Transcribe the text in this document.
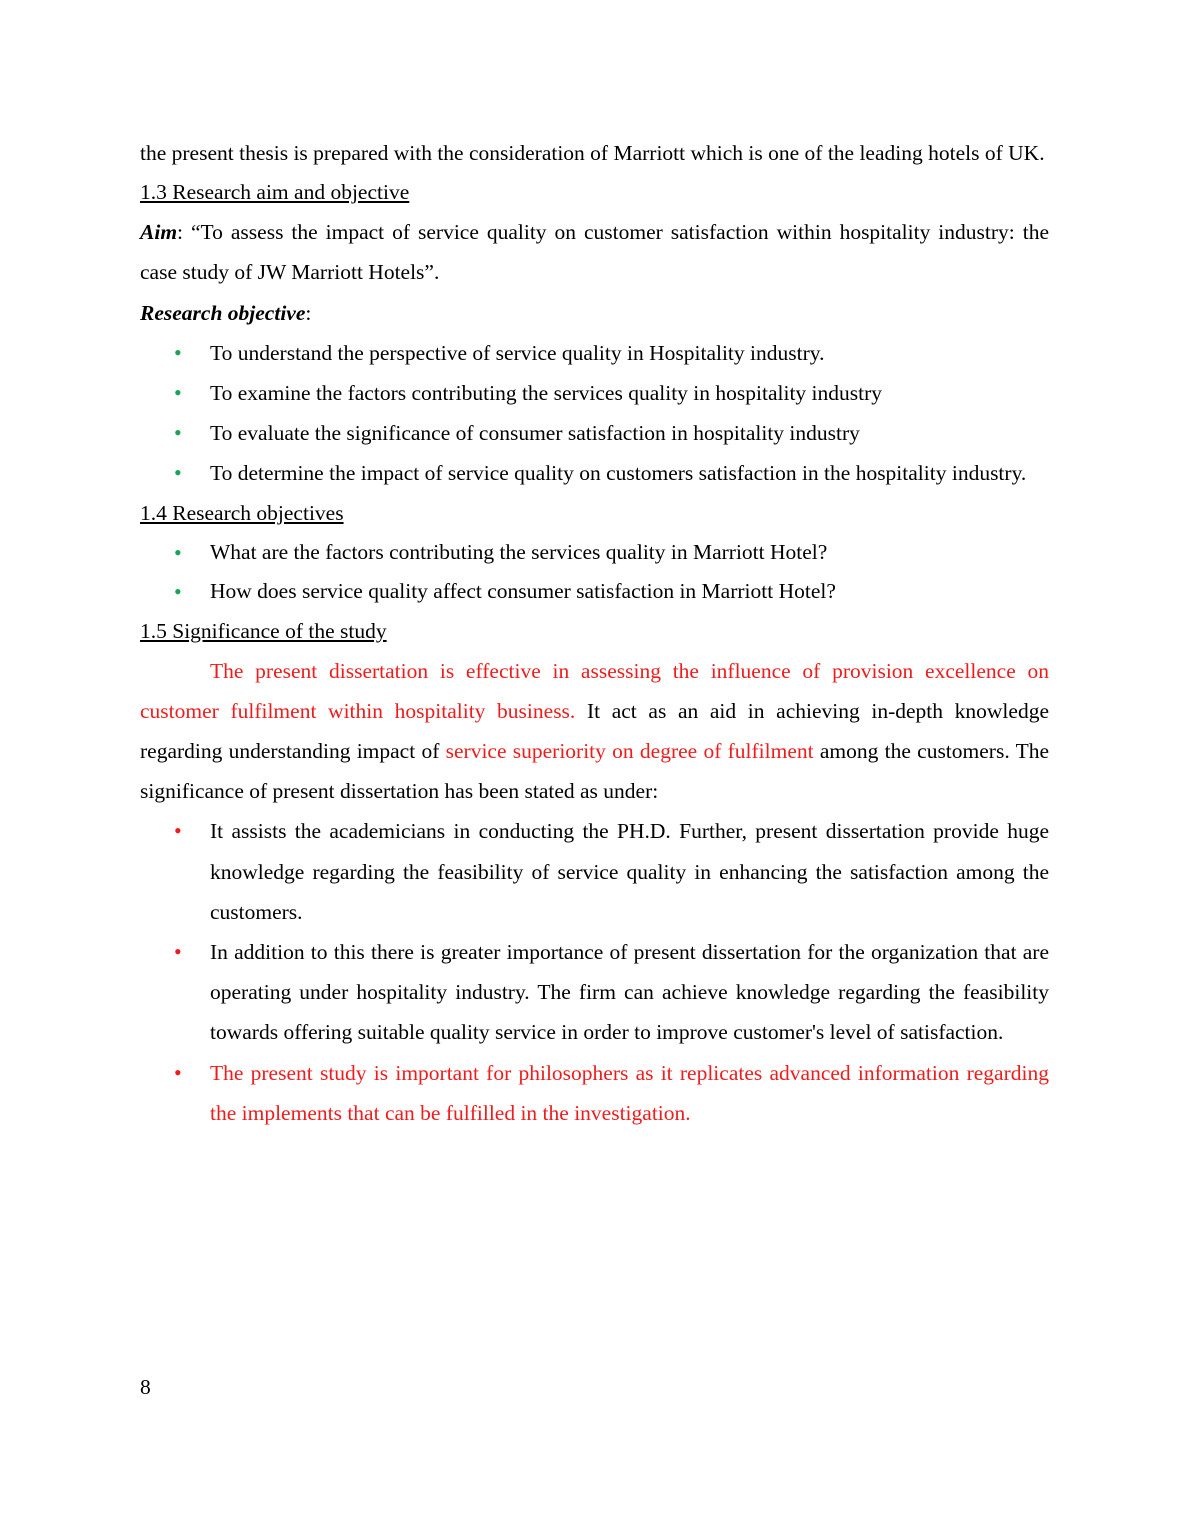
the present thesis is prepared with the consideration of Marriott which is one of the leading hotels of UK.

1.3 Research aim and objective

Aim: “To assess the impact of service quality on customer satisfaction within hospitality industry: the case study of JW Marriott Hotels”.

Research objective:

• To understand the perspective of service quality in Hospitality industry.
• To examine the factors contributing the services quality in hospitality industry
• To evaluate the significance of consumer satisfaction in hospitality industry
• To determine the impact of service quality on customers satisfaction in the hospitality industry.

1.4 Research objectives

• What are the factors contributing the services quality in Marriott Hotel?
• How does service quality affect consumer satisfaction in Marriott Hotel?

1.5 Significance of the study

The present dissertation is effective in assessing the influence of provision excellence on customer fulfilment within hospitality business. It act as an aid in achieving in-depth knowledge regarding understanding impact of service superiority on degree of fulfilment among the customers. The significance of present dissertation has been stated as under:

• It assists the academicians in conducting the PH.D. Further, present dissertation provide huge knowledge regarding the feasibility of service quality in enhancing the satisfaction among the customers.
• In addition to this there is greater importance of present dissertation for the organization that are operating under hospitality industry. The firm can achieve knowledge regarding the feasibility towards offering suitable quality service in order to improve customer's level of satisfaction.
• The present study is important for philosophers as it replicates advanced information regarding the implements that can be fulfilled in the investigation.
8
